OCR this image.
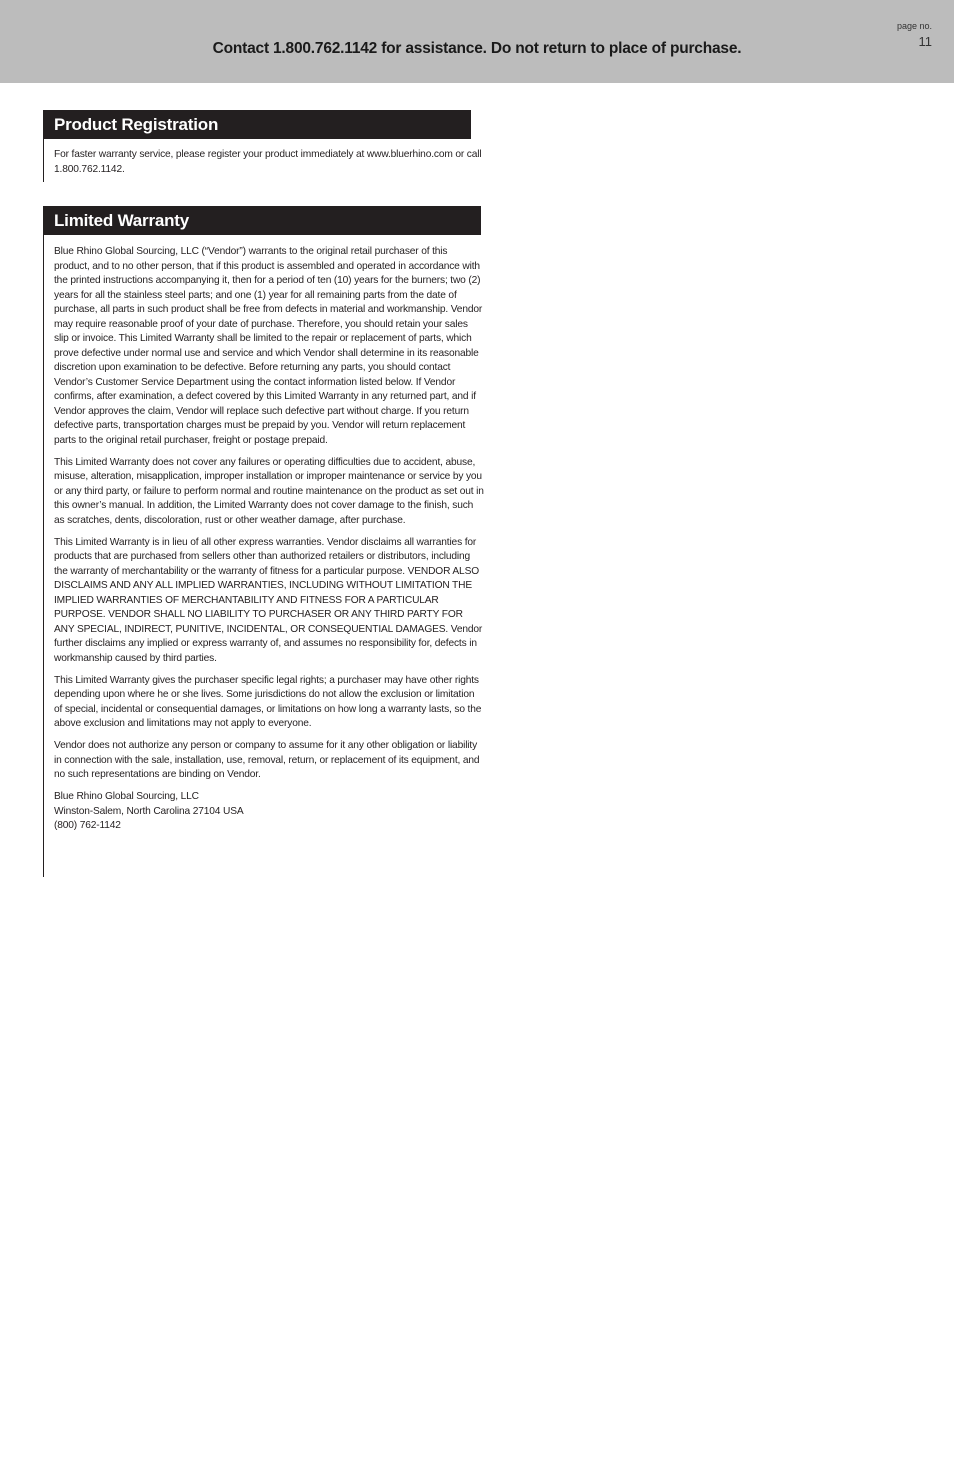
Contact 1.800.762.1142 for assistance. Do not return to place of purchase.
page no.
11
Product Registration

For faster warranty service, please register your product immediately at www.bluerhino.com or call 1.800.762.1142.

Limited Warranty

Blue Rhino Global Sourcing, LLC (“Vendor”) warrants to the original retail purchaser of this product, and to no other person, that if this product is assembled and operated in accordance with the printed instructions accompanying it, then for a period of ten (10) years for the burners; two (2) years for all the stainless steel parts; and one (1) year for all remaining parts from the date of purchase, all parts in such product shall be free from defects in material and workmanship. Vendor may require reasonable proof of your date of purchase. Therefore, you should retain your sales slip or invoice. This Limited Warranty shall be limited to the repair or replacement of parts, which prove defective under normal use and service and which Vendor shall determine in its reasonable discretion upon examination to be defective. Before returning any parts, you should contact Vendor’s Customer Service Department using the contact information listed below. If Vendor confirms, after examination, a defect covered by this Limited Warranty in any returned part, and if Vendor approves the claim, Vendor will replace such defective part without charge. If you return defective parts, transportation charges must be prepaid by you. Vendor will return replacement parts to the original retail purchaser, freight or postage prepaid.

This Limited Warranty does not cover any failures or operating difficulties due to accident, abuse, misuse, alteration, misapplication, improper installation or improper maintenance or service by you or any third party, or failure to perform normal and routine maintenance on the product as set out in this owner’s manual. In addition, the Limited Warranty does not cover damage to the finish, such as scratches, dents, discoloration, rust or other weather damage, after purchase.

This Limited Warranty is in lieu of all other express warranties. Vendor disclaims all warranties for products that are purchased from sellers other than authorized retailers or distributors, including the warranty of merchantability or the warranty of fitness for a particular purpose. VENDOR ALSO DISCLAIMS AND ANY ALL IMPLIED WARRANTIES, INCLUDING WITHOUT LIMITATION THE IMPLIED WARRANTIES OF MERCHANTABILITY AND FITNESS FOR A PARTICULAR PURPOSE. VENDOR SHALL NO LIABILITY TO PURCHASER OR ANY THIRD PARTY FOR ANY SPECIAL, INDIRECT, PUNITIVE, INCIDENTAL, OR CONSEQUENTIAL DAMAGES. Vendor further disclaims any implied or express warranty of, and assumes no responsibility for, defects in workmanship caused by third parties.

This Limited Warranty gives the purchaser specific legal rights; a purchaser may have other rights depending upon where he or she lives. Some jurisdictions do not allow the exclusion or limitation of special, incidental or consequential damages, or limitations on how long a warranty lasts, so the above exclusion and limitations may not apply to everyone.

Vendor does not authorize any person or company to assume for it any other obligation or liability in connection with the sale, installation, use, removal, return, or replacement of its equipment, and no such representations are binding on Vendor.

Blue Rhino Global Sourcing, LLC
Winston-Salem, North Carolina 27104 USA
(800) 762-1142
